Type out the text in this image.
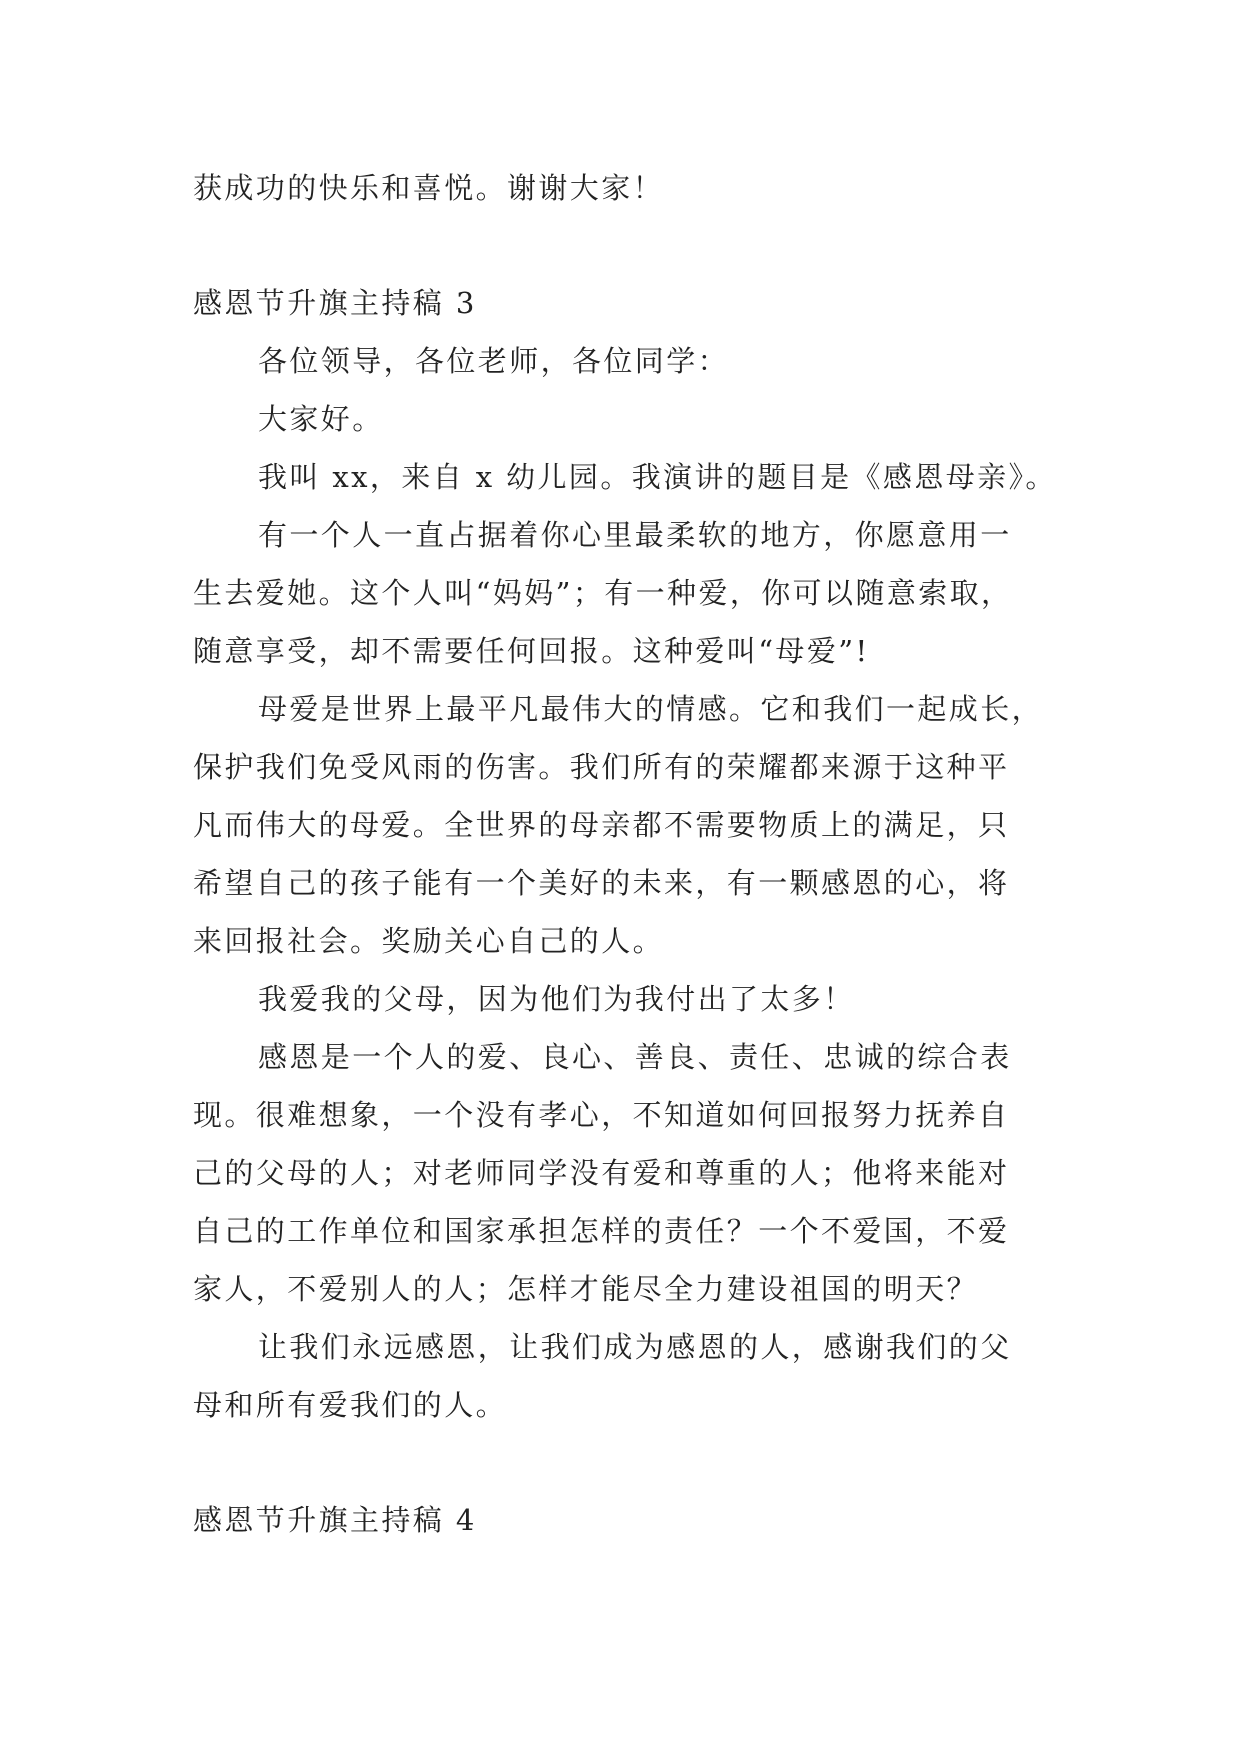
获成功的快乐和喜悦。谢谢大家！
感恩节升旗主持稿 3
各位领导，各位老师，各位同学：
大家好。
我叫 xx，来自 x 幼儿园。我演讲的题目是《感恩母亲》。
有一个人一直占据着你心里最柔软的地方，你愿意用一
生去爱她。这个人叫“妈妈”；有一种爱，你可以随意索取，
随意享受，却不需要任何回报。这种爱叫“母爱”!
母爱是世界上最平凡最伟大的情感。它和我们一起成长，
保护我们免受风雨的伤害。我们所有的荣耀都来源于这种平
凡而伟大的母爱。全世界的母亲都不需要物质上的满足，只
希望自己的孩子能有一个美好的未来，有一颗感恩的心，将
来回报社会。奖励关心自己的人。
我爱我的父母，因为他们为我付出了太多！
感恩是一个人的爱、良心、善良、责任、忠诚的综合表
现。很难想象，一个没有孝心，不知道如何回报努力抚养自
己的父母的人；对老师同学没有爱和尊重的人；他将来能对
自己的工作单位和国家承担怎样的责任？一个不爱国，不爱
家人，不爱别人的人；怎样才能尽全力建设祖国的明天？
让我们永远感恩，让我们成为感恩的人，感谢我们的父
母和所有爱我们的人。
感恩节升旗主持稿 4
